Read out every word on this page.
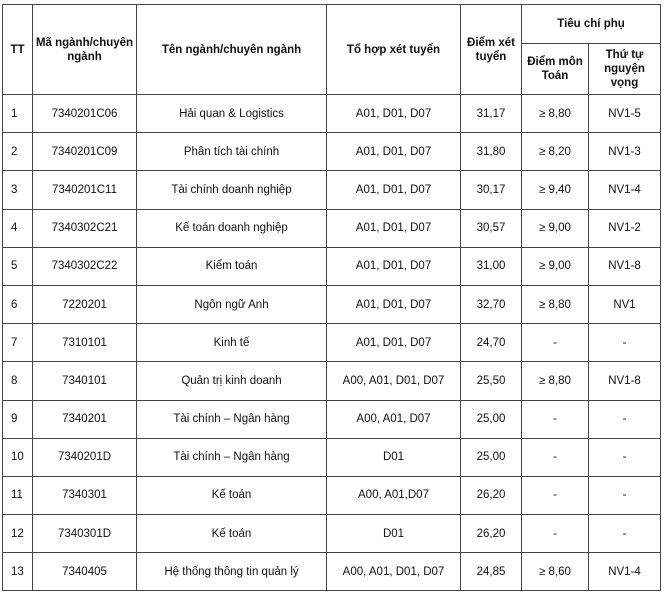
TT	Mã ngành/chuyên ngành	Tên ngành/chuyên ngành	Tổ hợp xét tuyển	Điểm xét tuyển	Tiêu chí phụ	
					Điểm môn Toán	Thứ tự nguyện vọng
1	7340201C06	Hải quan & Logistics	A01, D01, D07	31,17	≥ 8,80	NV1-5
2	7340201C09	Phân tích tài chính	A01, D01, D07	31,80	≥ 8,20	NV1-3
3	7340201C11	Tài chính doanh nghiệp	A01, D01, D07	30,17	≥ 9,40	NV1-4
4	7340302C21	Kế toán doanh nghiệp	A01, D01, D07	30,57	≥ 9,00	NV1-2
5	7340302C22	Kiểm toán	A01, D01, D07	31,00	≥ 9,00	NV1-8
6	7220201	Ngôn ngữ Anh	A01, D01, D07	32,70	≥ 8,80	NV1
7	7310101	Kinh tế	A01, D01, D07	24,70	-	-
8	7340101	Quản trị kinh doanh	A00, A01, D01, D07	25,50	≥ 8,80	NV1-8
9	7340201	Tài chính – Ngân hàng	A00, A01, D07	25,00	-	-
10	7340201D	Tài chính – Ngân hàng	D01	25,00	-	-
11	7340301	Kế toán	A00, A01,D07	26,20	-	-
12	7340301D	Kế toán	D01	26,20	-	-
13	7340405	Hệ thống thông tin quản lý	A00, A01, D01, D07	24,85	≥ 8,60	NV1-4
